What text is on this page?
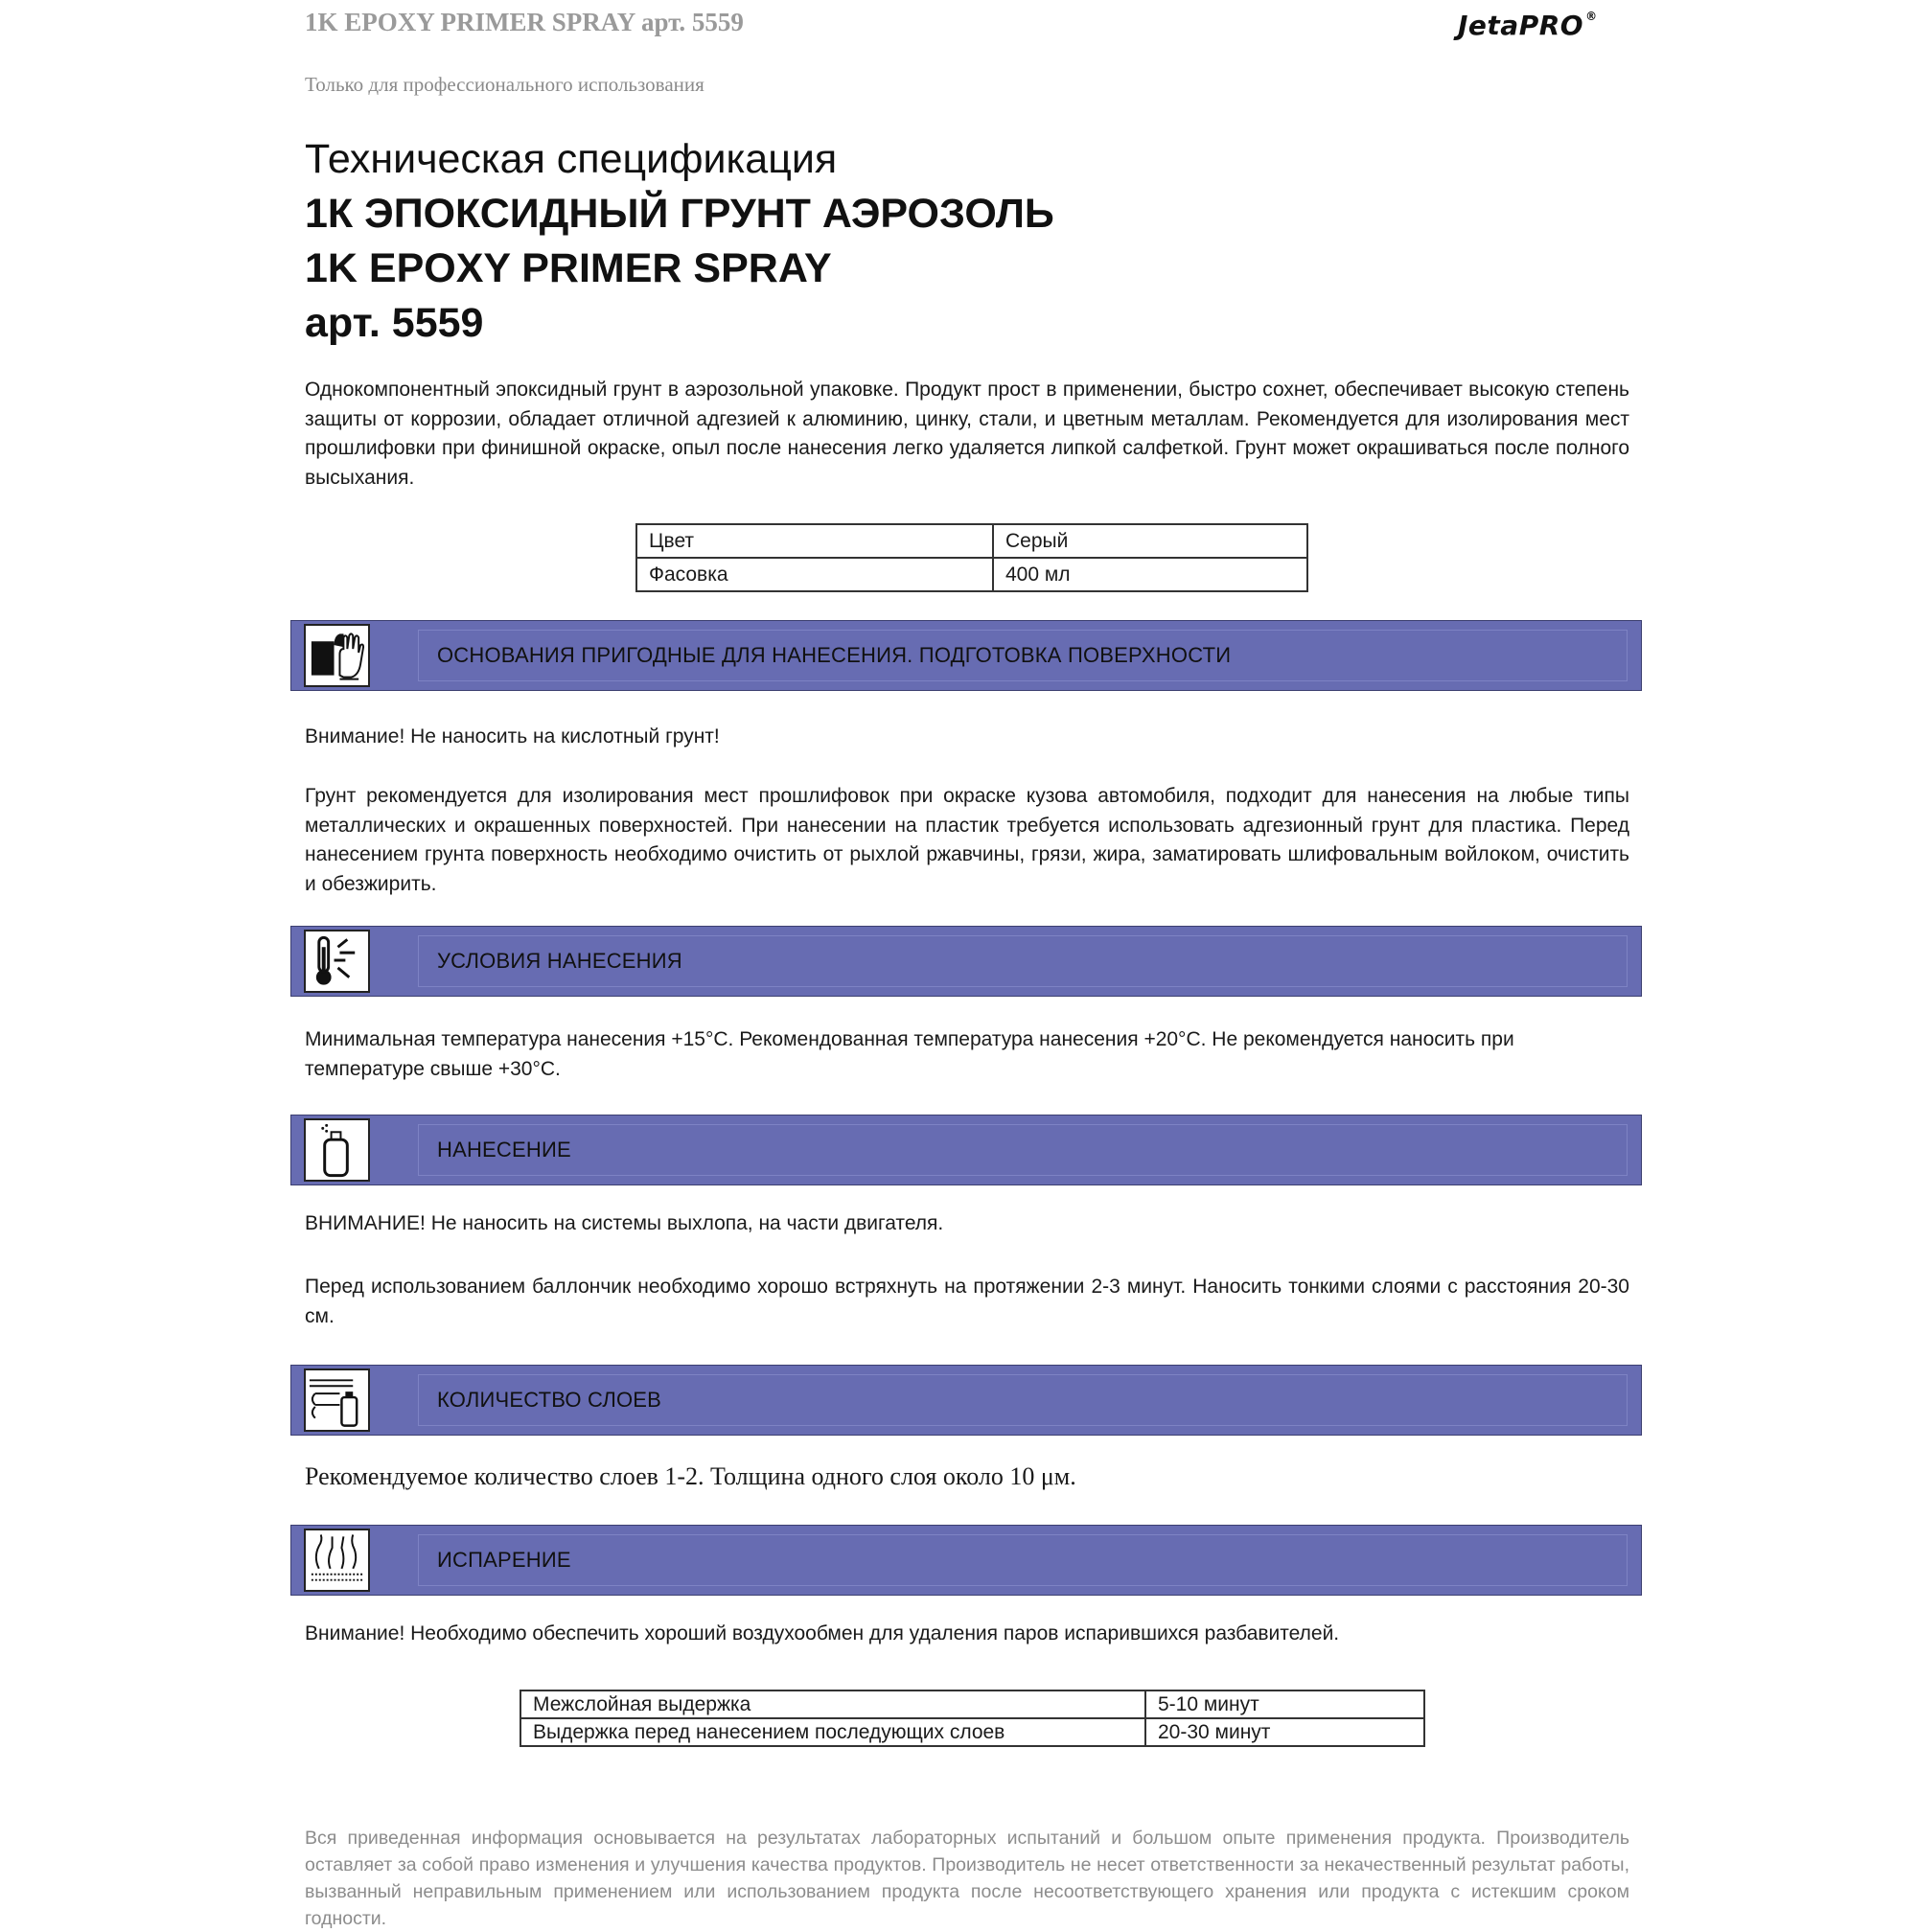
1K EPOXY PRIMER SPRAY арт. 5559	JetaPRO ®
Только для профессионального использования
Техническая спецификация
1К ЭПОКСИДНЫЙ ГРУНТ АЭРОЗОЛЬ
1K EPOXY PRIMER SPRAY
арт. 5559
Однокомпонентный эпоксидный грунт в аэрозольной упаковке. Продукт прост в применении, быстро сохнет, обеспечивает высокую степень защиты от коррозии, обладает отличной адгезией к алюминию, цинку, стали, и цветным металлам. Рекомендуется для изолирования мест прошлифовки при финишной окраске, опыл после нанесения легко удаляется липкой салфеткой. Грунт может окрашиваться после полного высыхания.
Цвет	Серый
Фасовка	400 мл
ОСНОВАНИЯ ПРИГОДНЫЕ ДЛЯ НАНЕСЕНИЯ. ПОДГОТОВКА ПОВЕРХНОСТИ
Внимание! Не наносить на кислотный грунт!
Грунт рекомендуется для изолирования мест прошлифовок при окраске кузова автомобиля, подходит для нанесения на любые типы металлических и окрашенных поверхностей. При нанесении на пластик требуется использовать адгезионный грунт для пластика. Перед нанесением грунта поверхность необходимо очистить от рыхлой ржавчины, грязи, жира, заматировать шлифовальным войлоком, очистить и обезжирить.
УСЛОВИЯ НАНЕСЕНИЯ
Минимальная температура нанесения +15°C. Рекомендованная температура нанесения +20°C. Не рекомендуется наносить при температуре свыше +30°C.
НАНЕСЕНИЕ
ВНИМАНИЕ! Не наносить на системы выхлопа, на части двигателя.
Перед использованием баллончик необходимо хорошо встряхнуть на протяжении 2-3 минут. Наносить тонкими слоями с расстояния 20-30 см.
КОЛИЧЕСТВО СЛОЕВ
Рекомендуемое количество слоев 1-2. Толщина одного слоя около 10 μм.
ИСПАРЕНИЕ
Внимание! Необходимо обеспечить хороший воздухообмен для удаления паров испарившихся разбавителей.
Межслойная выдержка	5-10 минут
Выдержка перед нанесением последующих слоев	20-30 минут
Вся приведенная информация основывается на результатах лабораторных испытаний и большом опыте применения продукта. Производитель оставляет за собой право изменения и улучшения качества продуктов. Производитель не несет ответственности за некачественный результат работы, вызванный неправильным применением или использованием продукта после несоответствующего хранения или продукта с истекшим сроком годности.
